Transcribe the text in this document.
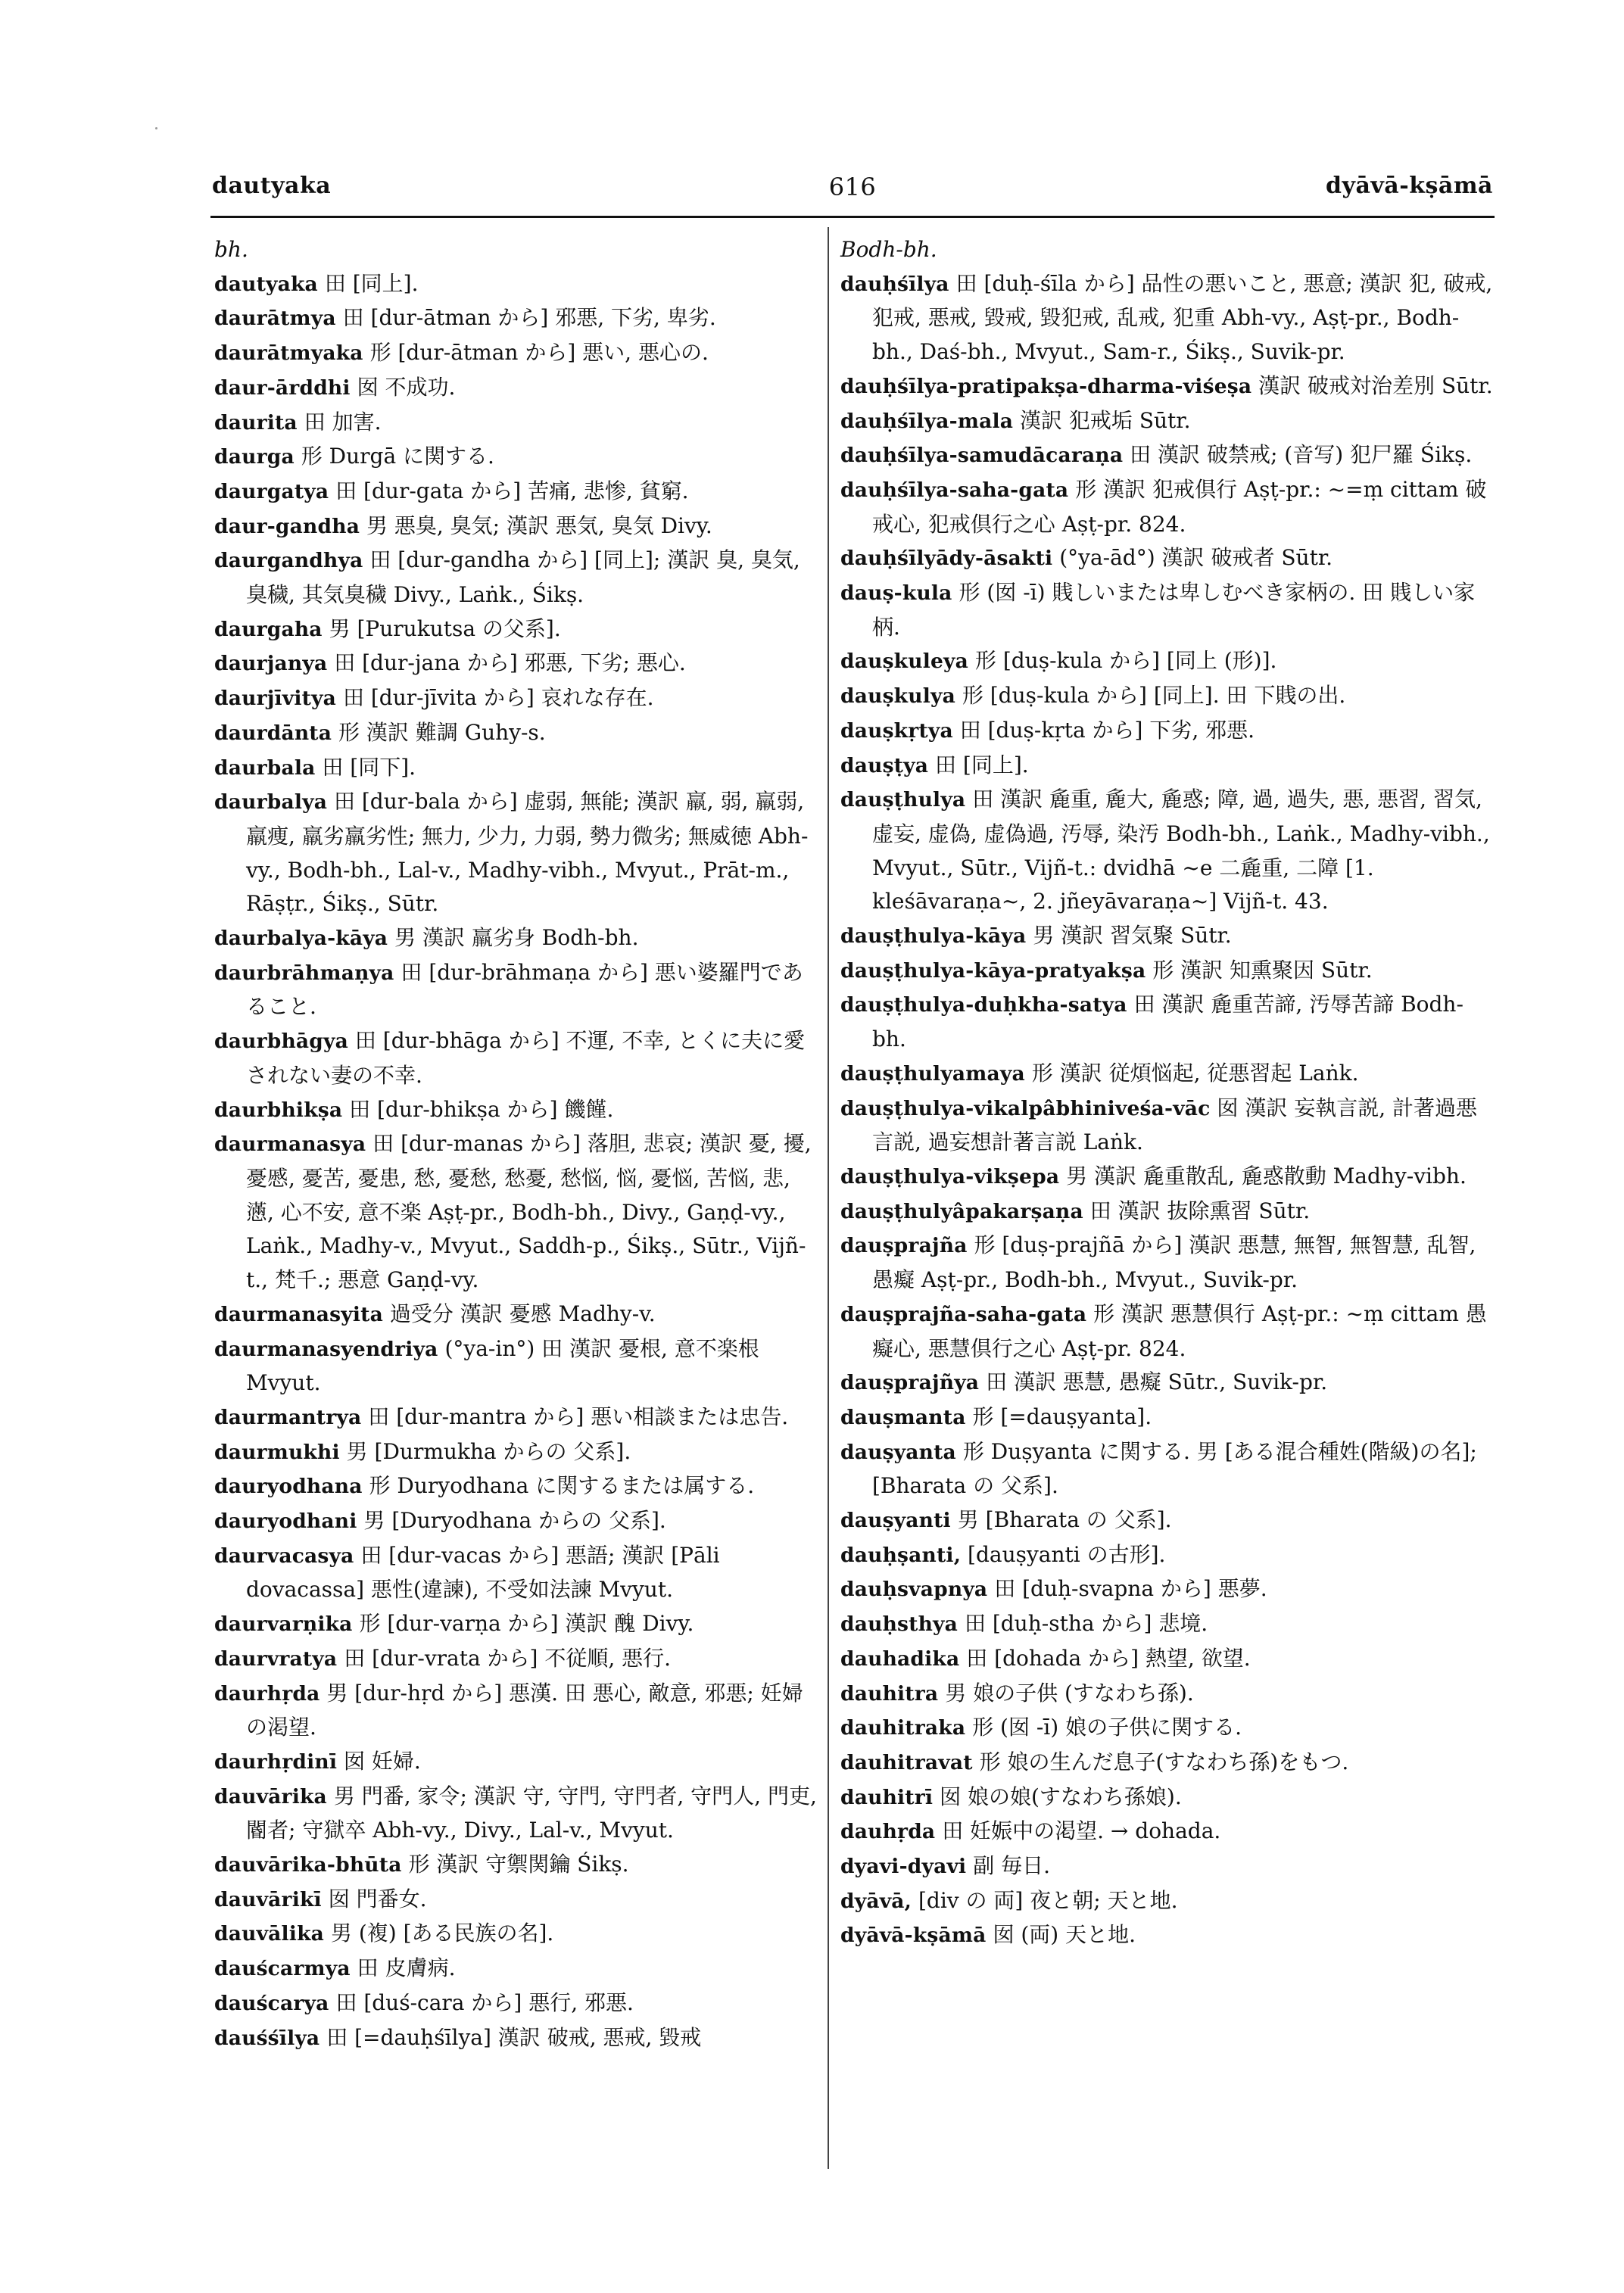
dautyaka	616	dyāvā-kṣāmā
bh.
dautyaka 田 [同上].
daurātmya 田 [dur-ātman から] 邪悪, 下劣, 卑劣.
daurātmyaka 形 [dur-ātman から] 悪い, 悪心の.
daur-ārddhi 囡 不成功.
daurita 田 加害.
daurga 形 Durgā に関する.
daurgatya 田 [dur-gata から] 苦痛, 悲惨, 貧窮.
daur-gandha 男 悪臭, 臭気; 漢訳 悪気, 臭気 Divy.
daurgandhya 田 [dur-gandha から] [同上]; 漢訳 臭, 臭気, 臭穢, 其気臭穢 Divy., Laṅk., Śikṣ.
daurgaha 男 [Purukutsa の父系].
daurjanya 田 [dur-jana から] 邪悪, 下劣; 悪心.
daurjīvitya 田 [dur-jīvita から] 哀れな存在.
daurdānta 形 漢訳 難調 Guhy-s.
daurbala 田 [同下].
daurbalya 田 [dur-bala から] 虚弱, 無能; 漢訳 羸, 弱, 羸弱, 羸痩, 羸劣羸劣性; 無力, 少力, 力弱, 勢力微劣; 無威徳 Abh-vy., Bodh-bh., Lal-v., Madhy-vibh., Mvyut., Prāt-m., Rāṣṭr., Śikṣ., Sūtr.
daurbalya-kāya 男 漢訳 羸劣身 Bodh-bh.
daurbrāhmaṇya 田 [dur-brāhmaṇa から] 悪い婆羅門であること.
daurbhāgya 田 [dur-bhāga から] 不運, 不幸, とくに夫に愛されない妻の不幸.
daurbhikṣa 田 [dur-bhikṣa から] 饑饉.
daurmanasya 田 [dur-manas から] 落胆, 悲哀; 漢訳 憂, 擾, 憂慼, 憂苦, 憂患, 愁, 憂愁, 愁憂, 愁悩, 悩, 憂悩, 苦悩, 悲, 懣, 心不安, 意不楽 Aṣṭ-pr., Bodh-bh., Divy., Gaṇḍ-vy., Laṅk., Madhy-v., Mvyut., Saddh-p., Śikṣ., Sūtr., Vijñ-t., 梵千.; 悪意 Gaṇḍ-vy.
daurmanasyita 過受分 漢訳 憂慼 Madhy-v.
daurmanasyendriya (°ya-in°) 田 漢訳 憂根, 意不楽根 Mvyut.
daurmantrya 田 [dur-mantra から] 悪い相談または忠告.
daurmukhi 男 [Durmukha からの 父系].
dauryodhana 形 Duryodhana に関するまたは属する.
dauryodhani 男 [Duryodhana からの 父系].
daurvacasya 田 [dur-vacas から] 悪語; 漢訳 [Pāli dovacassa] 悪性(違諫), 不受如法諫 Mvyut.
daurvarṇika 形 [dur-varṇa から] 漢訳 醜 Divy.
daurvratya 田 [dur-vrata から] 不従順, 悪行.
daurhṛda 男 [dur-hṛd から] 悪漢. 田 悪心, 敵意, 邪悪; 妊婦の渇望.
daurhṛdinī 囡 妊婦.
dauvārika 男 門番, 家令; 漢訳 守, 守門, 守門者, 守門人, 門吏, 閽者; 守獄卒 Abh-vy., Divy., Lal-v., Mvyut.
dauvārika-bhūta 形 漢訳 守禦関鑰 Śikṣ.
dauvārikī 囡 門番女.
dauvālika 男 (複) [ある民族の名].
dauścarmya 田 皮膚病.
dauścarya 田 [duś-cara から] 悪行, 邪悪.
dauśśīlya 田 [=dauḥśīlya] 漢訳 破戒, 悪戒, 毀戒
Bodh-bh.
dauḥśīlya 田 [duḥ-śīla から] 品性の悪いこと, 悪意; 漢訳 犯, 破戒, 犯戒, 悪戒, 毀戒, 毀犯戒, 乱戒, 犯重 Abh-vy., Aṣṭ-pr., Bodh-bh., Daś-bh., Mvyut., Sam-r., Śikṣ., Suvik-pr.
dauḥśīlya-pratipakṣa-dharma-viśeṣa 漢訳 破戒対治差別 Sūtr.
dauḥśīlya-mala 漢訳 犯戒垢 Sūtr.
dauḥśīlya-samudācaraṇa 田 漢訳 破禁戒; (音写) 犯尸羅 Śikṣ.
dauḥśīlya-saha-gata 形 漢訳 犯戒倶行 Aṣṭ-pr.: ~=ṃ cittam 破戒心, 犯戒倶行之心 Aṣṭ-pr. 824.
dauḥśīlyādy-āsakti (°ya-ād°) 漢訳 破戒者 Sūtr.
dauṣ-kula 形 (囡 -ī) 賎しいまたは卑しむべき家柄の. 田 賎しい家柄.
dauṣkuleya 形 [duṣ-kula から] [同上 (形)].
dauṣkulya 形 [duṣ-kula から] [同上]. 田 下賎の出.
dauṣkṛtya 田 [duṣ-kṛta から] 下劣, 邪悪.
dauṣṭya 田 [同上].
dauṣṭhulya 田 漢訳 麁重, 麁大, 麁惑; 障, 過, 過失, 悪, 悪習, 習気, 虚妄, 虚偽, 虚偽過, 汚辱, 染汚 Bodh-bh., Laṅk., Madhy-vibh., Mvyut., Sūtr., Vijñ-t.: dvidhā ~e 二麁重, 二障 [1. kleśāvaraṇa~, 2. jñeyāvaraṇa~] Vijñ-t. 43.
dauṣṭhulya-kāya 男 漢訳 習気聚 Sūtr.
dauṣṭhulya-kāya-pratyakṣa 形 漢訳 知熏聚因 Sūtr.
dauṣṭhulya-duḥkha-satya 田 漢訳 麁重苦諦, 汚辱苦諦 Bodh-bh.
dauṣṭhulyamaya 形 漢訳 従煩悩起, 従悪習起 Laṅk.
dauṣṭhulya-vikalpâbhiniveśa-vāc 囡 漢訳 妄執言説, 計著過悪言説, 過妄想計著言説 Laṅk.
dauṣṭhulya-vikṣepa 男 漢訳 麁重散乱, 麁惑散動 Madhy-vibh.
dauṣṭhulyâpakarṣaṇa 田 漢訳 抜除熏習 Sūtr.
dauṣprajña 形 [duṣ-prajñā から] 漢訳 悪慧, 無智, 無智慧, 乱智, 愚癡 Aṣṭ-pr., Bodh-bh., Mvyut., Suvik-pr.
dauṣprajña-saha-gata 形 漢訳 悪慧倶行 Aṣṭ-pr.: ~ṃ cittam 愚癡心, 悪慧倶行之心 Aṣṭ-pr. 824.
dauṣprajñya 田 漢訳 悪慧, 愚癡 Sūtr., Suvik-pr.
dauṣmanta 形 [=dauṣyanta].
dauṣyanta 形 Duṣyanta に関する. 男 [ある混合種姓(階級)の名]; [Bharata の 父系].
dauṣyanti 男 [Bharata の 父系].
dauḥṣanti, [dauṣyanti の古形].
dauḥsvapnya 田 [duḥ-svapna から] 悪夢.
dauḥsthya 田 [duḥ-stha から] 悲境.
dauhadika 田 [dohada から] 熱望, 欲望.
dauhitra 男 娘の子供 (すなわち孫).
dauhitraka 形 (囡 -ī) 娘の子供に関する.
dauhitravat 形 娘の生んだ息子(すなわち孫)をもつ.
dauhitrī 囡 娘の娘(すなわち孫娘).
dauhṛda 田 妊娠中の渇望. → dohada.
dyavi-dyavi 副 毎日.
dyāvā, [div の 両] 夜と朝; 天と地.
dyāvā-kṣāmā 囡 (両) 天と地.
